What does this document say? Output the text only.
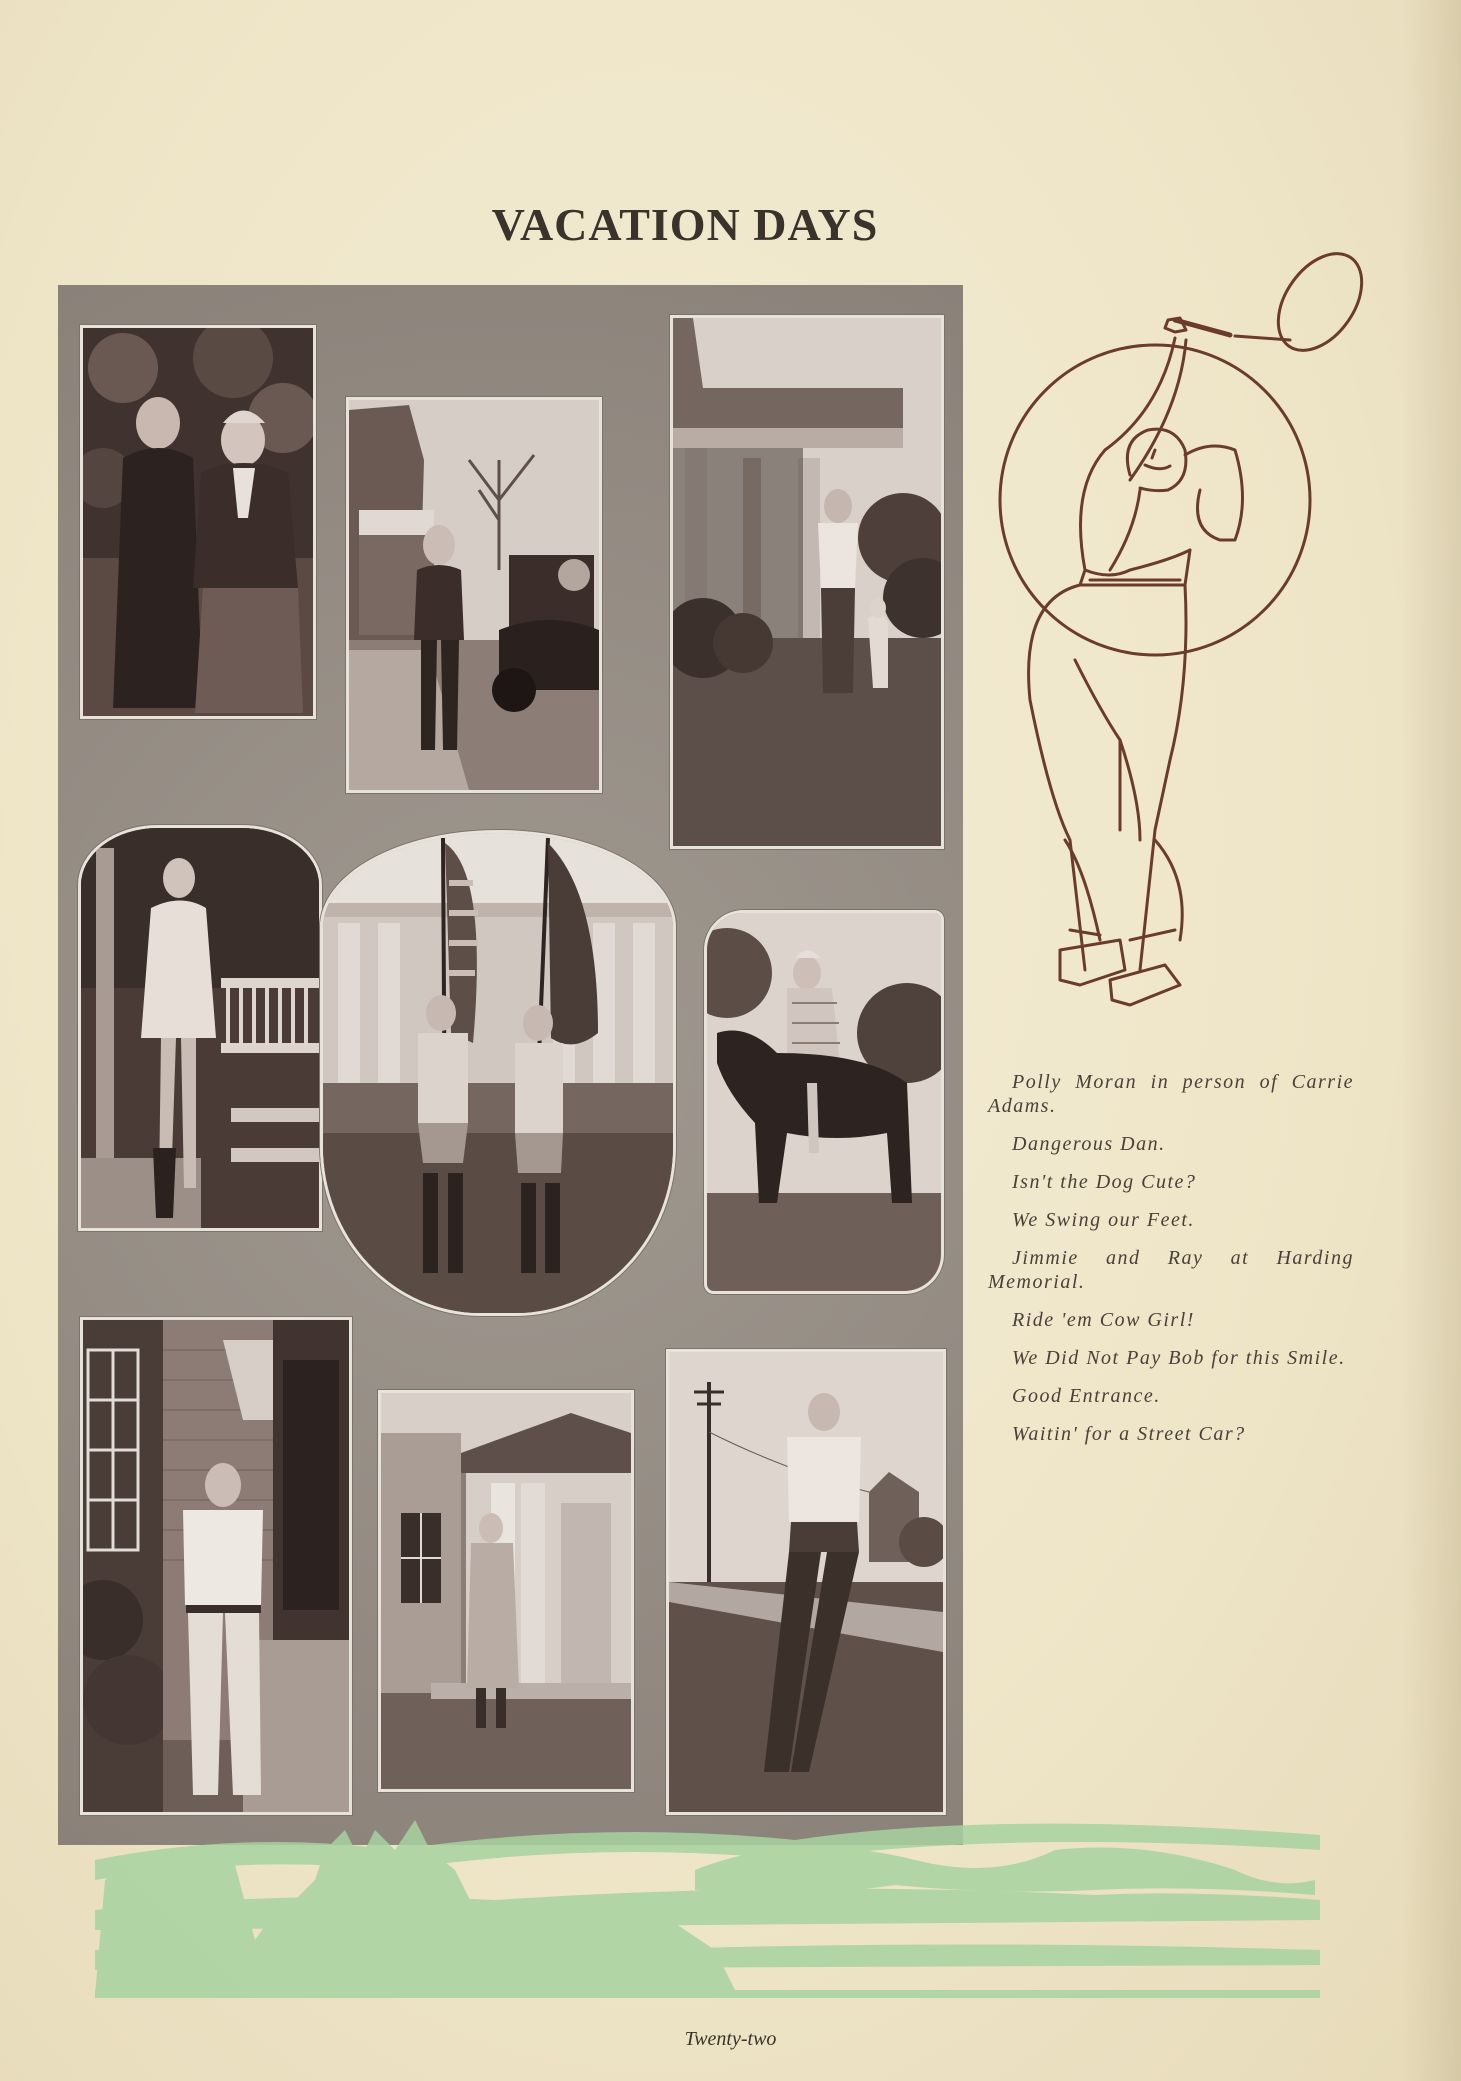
VACATION DAYS

Polly Moran in person of Carrie Adams.

Dangerous Dan.

Isn't the Dog Cute?

We Swing our Feet.

Jimmie and Ray at Harding Memorial.

Ride 'em Cow Girl!

We Did Not Pay Bob for this Smile.

Good Entrance.

Waitin' for a Street Car?

Twenty-two
